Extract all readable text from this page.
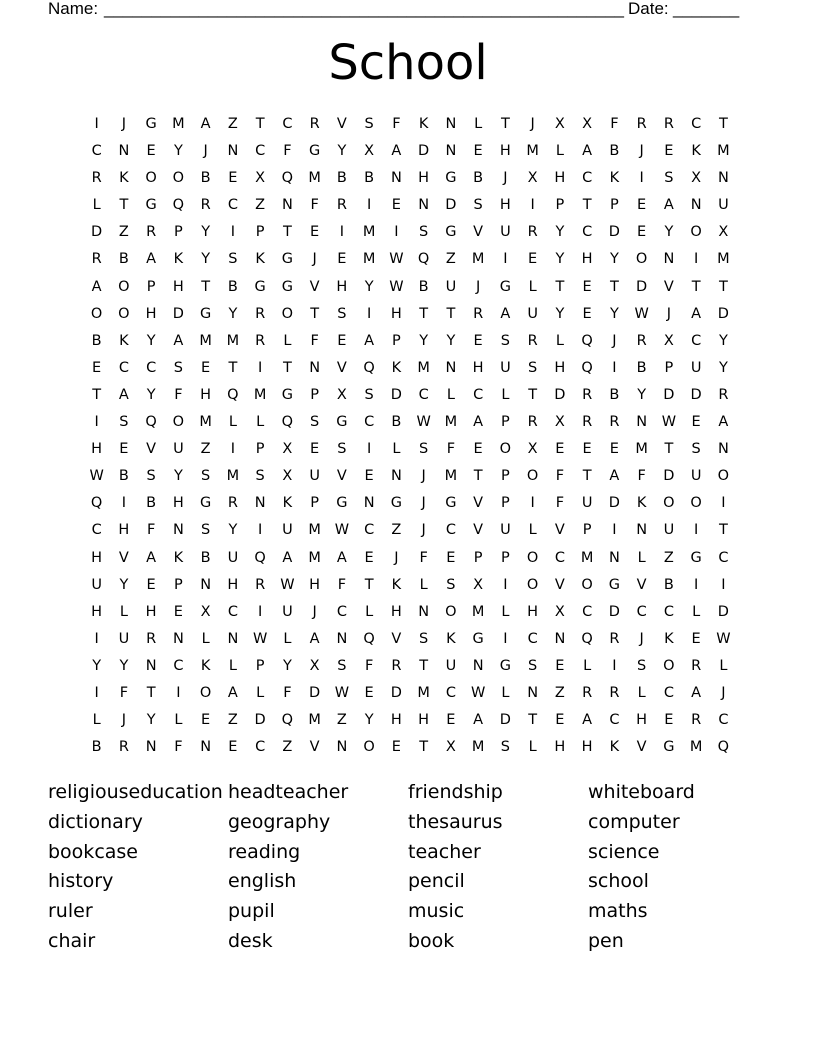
Name: _______________________________________________________ Date: _______
School
I	J	G	M	A	Z	T	C	R	V	S	F	K	N	L	T	J	X	X	F	R	R	C	T
C	N	E	Y	J	N	C	F	G	Y	X	A	D	N	E	H	M	L	A	B	J	E	K	M
R	K	O	O	B	E	X	Q	M	B	B	N	H	G	B	J	X	H	C	K	I	S	X	N
L	T	G	Q	R	C	Z	N	F	R	I	E	N	D	S	H	I	P	T	P	E	A	N	U
D	Z	R	P	Y	I	P	T	E	I	M	I	S	G	V	U	R	Y	C	D	E	Y	O	X
R	B	A	K	Y	S	K	G	J	E	M W Q	Z	M	I	E	Y	H	Y	O	N	I	M
A	O	P	H	T	B	G	G	V	H	Y	W	B	U	J	G	L	T	E	T	D	V	T	T
O	O	H	D	G	Y	R	O	T	S	I	H	T	T	R	A	U	Y	E	Y	W	J	A	D
B	K	Y	A	M	M	R	L	F	E	A	P	Y	Y	E	S	R	L	Q	J	R	X	C	Y
E	C	C	S	E	T	I	T	N	V	Q	K	M	N	H	U	S	H	Q	I	B	P	U	Y
T	A	Y	F	H	Q	M	G	P	X	S	D	C	L	C	L	T	D	R	B	Y	D	D	R
I	S	Q	O	M	L	L	Q	S	G	C	B	W M	A	P	R	X	R	R	N	W	E	A
H	E	V	U	Z	I	P	X	E	S	I	L	S	F	E	O	X	E	E	E	M	T	S	N
W	B	S	Y	S	M	S	X	U	V	E	N	J	M	T	P	O	F	T	A	F	D	U	O
Q	I	B	H	G	R	N	K	P	G	N	G	J	G	V	P	I	F	U	D	K	O	O	I
C	H	F	N	S	Y	I	U	M W	C	Z	J	C	V	U	L	V	P	I	N	U	I	T
H	V	A	K	B	U	Q	A	M	A	E	J	F	E	P	P	O	C	M	N	L	Z	G	C
U	Y	E	P	N	H	R	W	H	F	T	K	L	S	X	I	O	V	O	G	V	B	I	I
H	L	H	E	X	C	I	U	J	C	L	H	N	O	M	L	H	X	C	D	C	C	L	D
I	U	R	N	L	N	W	L	A	N	Q	V	S	K	G	I	C	N	Q	R	J	K	E	W
Y	Y	N	C	K	L	P	Y	X	S	F	R	T	U	N	G	S	E	L	I	S	O	R	L
I	F	T	I	O	A	L	F	D	W	E	D	M	C	W	L	N	Z	R	R	L	C	A	J
L	J	Y	L	E	Z	D	Q	M	Z	Y	H	H	E	A	D	T	E	A	C	H	E	R	C
B	R	N	F	N	E	C	Z	V	N	O	E	T	X	M	S	L	H	H	K	V	G	M	Q
religiouseducation headteacher	friendship	whiteboard
dictionary	geography	thesaurus	computer
bookcase	reading	teacher	science
history	english	pencil	school
ruler	pupil	music	maths
chair	desk	book	pen
